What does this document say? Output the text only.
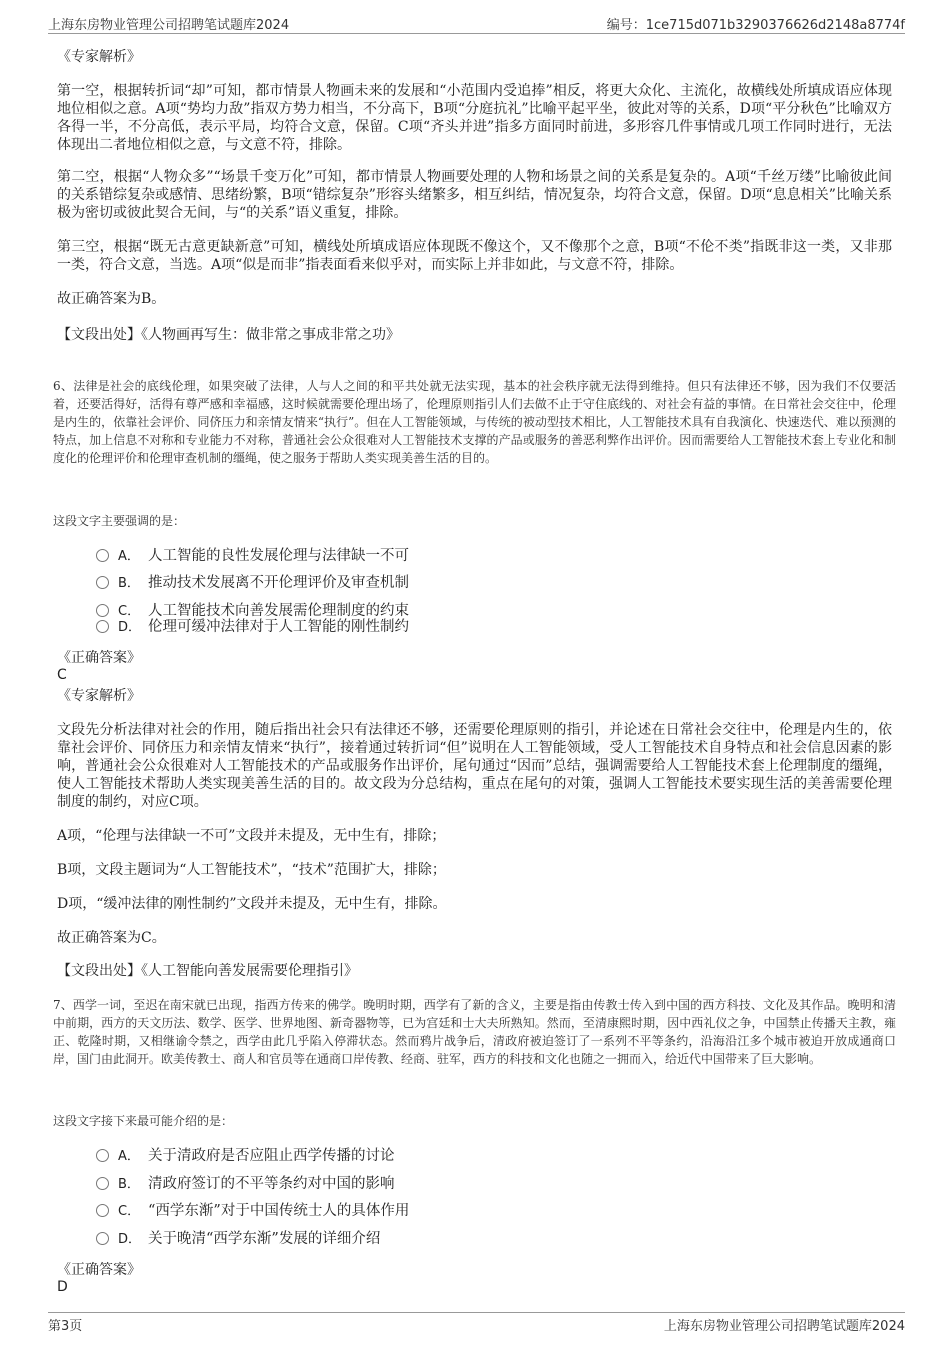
上海东房物业管理公司招聘笔试题库2024	编号：1ce715d071b3290376626d2148a8774f
《专家解析》

第一空，根据转折词“却”可知，都市情景人物画未来的发展和“小范围内受追捧”相反，将更大众化、主流化，故横线处所填成语应体现地位相似之意。A项“势均力敌”指双方势力相当，不分高下，B项“分庭抗礼”比喻平起平坐，彼此对等的关系，D项“平分秋色”比喻双方各得一半，不分高低，表示平局，均符合文意，保留。C项“齐头并进”指多方面同时前进，多形容几件事情或几项工作同时进行，无法体现出二者地位相似之意，与文意不符，排除。

第二空，根据“人物众多”“场景千变万化”可知，都市情景人物画要处理的人物和场景之间的关系是复杂的。A项“千丝万缕”比喻彼此间的关系错综复杂或感情、思绪纷繁，B项“错综复杂”形容头绪繁多，相互纠结，情况复杂，均符合文意，保留。D项“息息相关”比喻关系极为密切或彼此契合无间，与“的关系”语义重复，排除。

第三空，根据“既无古意更缺新意”可知，横线处所填成语应体现既不像这个，又不像那个之意，B项“不伦不类”指既非这一类，又非那一类，符合文意，当选。A项“似是而非”指表面看来似乎对，而实际上并非如此，与文意不符，排除。

故正确答案为B。
【文段出处】《人物画再写生：做非常之事成非常之功》

6、法律是社会的底线伦理，如果突破了法律，人与人之间的和平共处就无法实现，基本的社会秩序就无法得到维持。但只有法律还不够，因为我们不仅要活着，还要活得好，活得有尊严感和幸福感，这时候就需要伦理出场了，伦理原则指引人们去做不止于守住底线的、对社会有益的事情。在日常社会交往中，伦理是内生的，依靠社会评价、同侪压力和亲情友情来“执行”。但在人工智能领域，与传统的被动型技术相比，人工智能技术具有自我演化、快速迭代、难以预测的特点，加上信息不对称和专业能力不对称，普通社会公众很难对人工智能技术支撑的产品或服务的善恶利弊作出评价。因而需要给人工智能技术套上专业化和制度化的伦理评价和伦理审查机制的缰绳，使之服务于帮助人类实现美善生活的目的。

这段文字主要强调的是：

A． 人工智能的良性发展伦理与法律缺一不可
B． 推动技术发展离不开伦理评价及审查机制
C． 人工智能技术向善发展需伦理制度的约束
D． 伦理可缓冲法律对于人工智能的刚性制约
《正确答案》
C
《专家解析》

文段先分析法律对社会的作用，随后指出社会只有法律还不够，还需要伦理原则的指引，并论述在日常社会交往中，伦理是内生的，依靠社会评价、同侪压力和亲情友情来“执行”，接着通过转折词“但”说明在人工智能领域，受人工智能技术自身特点和社会信息因素的影响，普通社会公众很难对人工智能技术的产品或服务作出评价，尾句通过“因而”总结，强调需要给人工智能技术套上伦理制度的缰绳，使人工智能技术帮助人类实现美善生活的目的。故文段为分总结构，重点在尾句的对策，强调人工智能技术要实现生活的美善需要伦理制度的制约，对应C项。

A项，“伦理与法律缺一不可”文段并未提及，无中生有，排除；
B项，文段主题词为“人工智能技术”，“技术”范围扩大，排除；
D项，“缓冲法律的刚性制约”文段并未提及，无中生有，排除。
故正确答案为C。
【文段出处】《人工智能向善发展需要伦理指引》

7、西学一词，至迟在南宋就已出现，指西方传来的佛学。晚明时期，西学有了新的含义，主要是指由传教士传入到中国的西方科技、文化及其作品。晚明和清中前期，西方的天文历法、数学、医学、世界地图、新奇器物等，已为宫廷和士大夫所熟知。然而，至清康熙时期，因中西礼仪之争，中国禁止传播天主教，雍正、乾隆时期，又相继谕令禁之，西学由此几乎陷入停滞状态。然而鸦片战争后，清政府被迫签订了一系列不平等条约，沿海沿江多个城市被迫开放成通商口岸，国门由此洞开。欧美传教士、商人和官员等在通商口岸传教、经商、驻军，西方的科技和文化也随之一拥而入，给近代中国带来了巨大影响。

这段文字接下来最可能介绍的是：

A． 关于清政府是否应阻止西学传播的讨论
B． 清政府签订的不平等条约对中国的影响
C． “西学东渐”对于中国传统士人的具体作用
D． 关于晚清“西学东渐”发展的详细介绍
《正确答案》
D
第3页	上海东房物业管理公司招聘笔试题库2024
